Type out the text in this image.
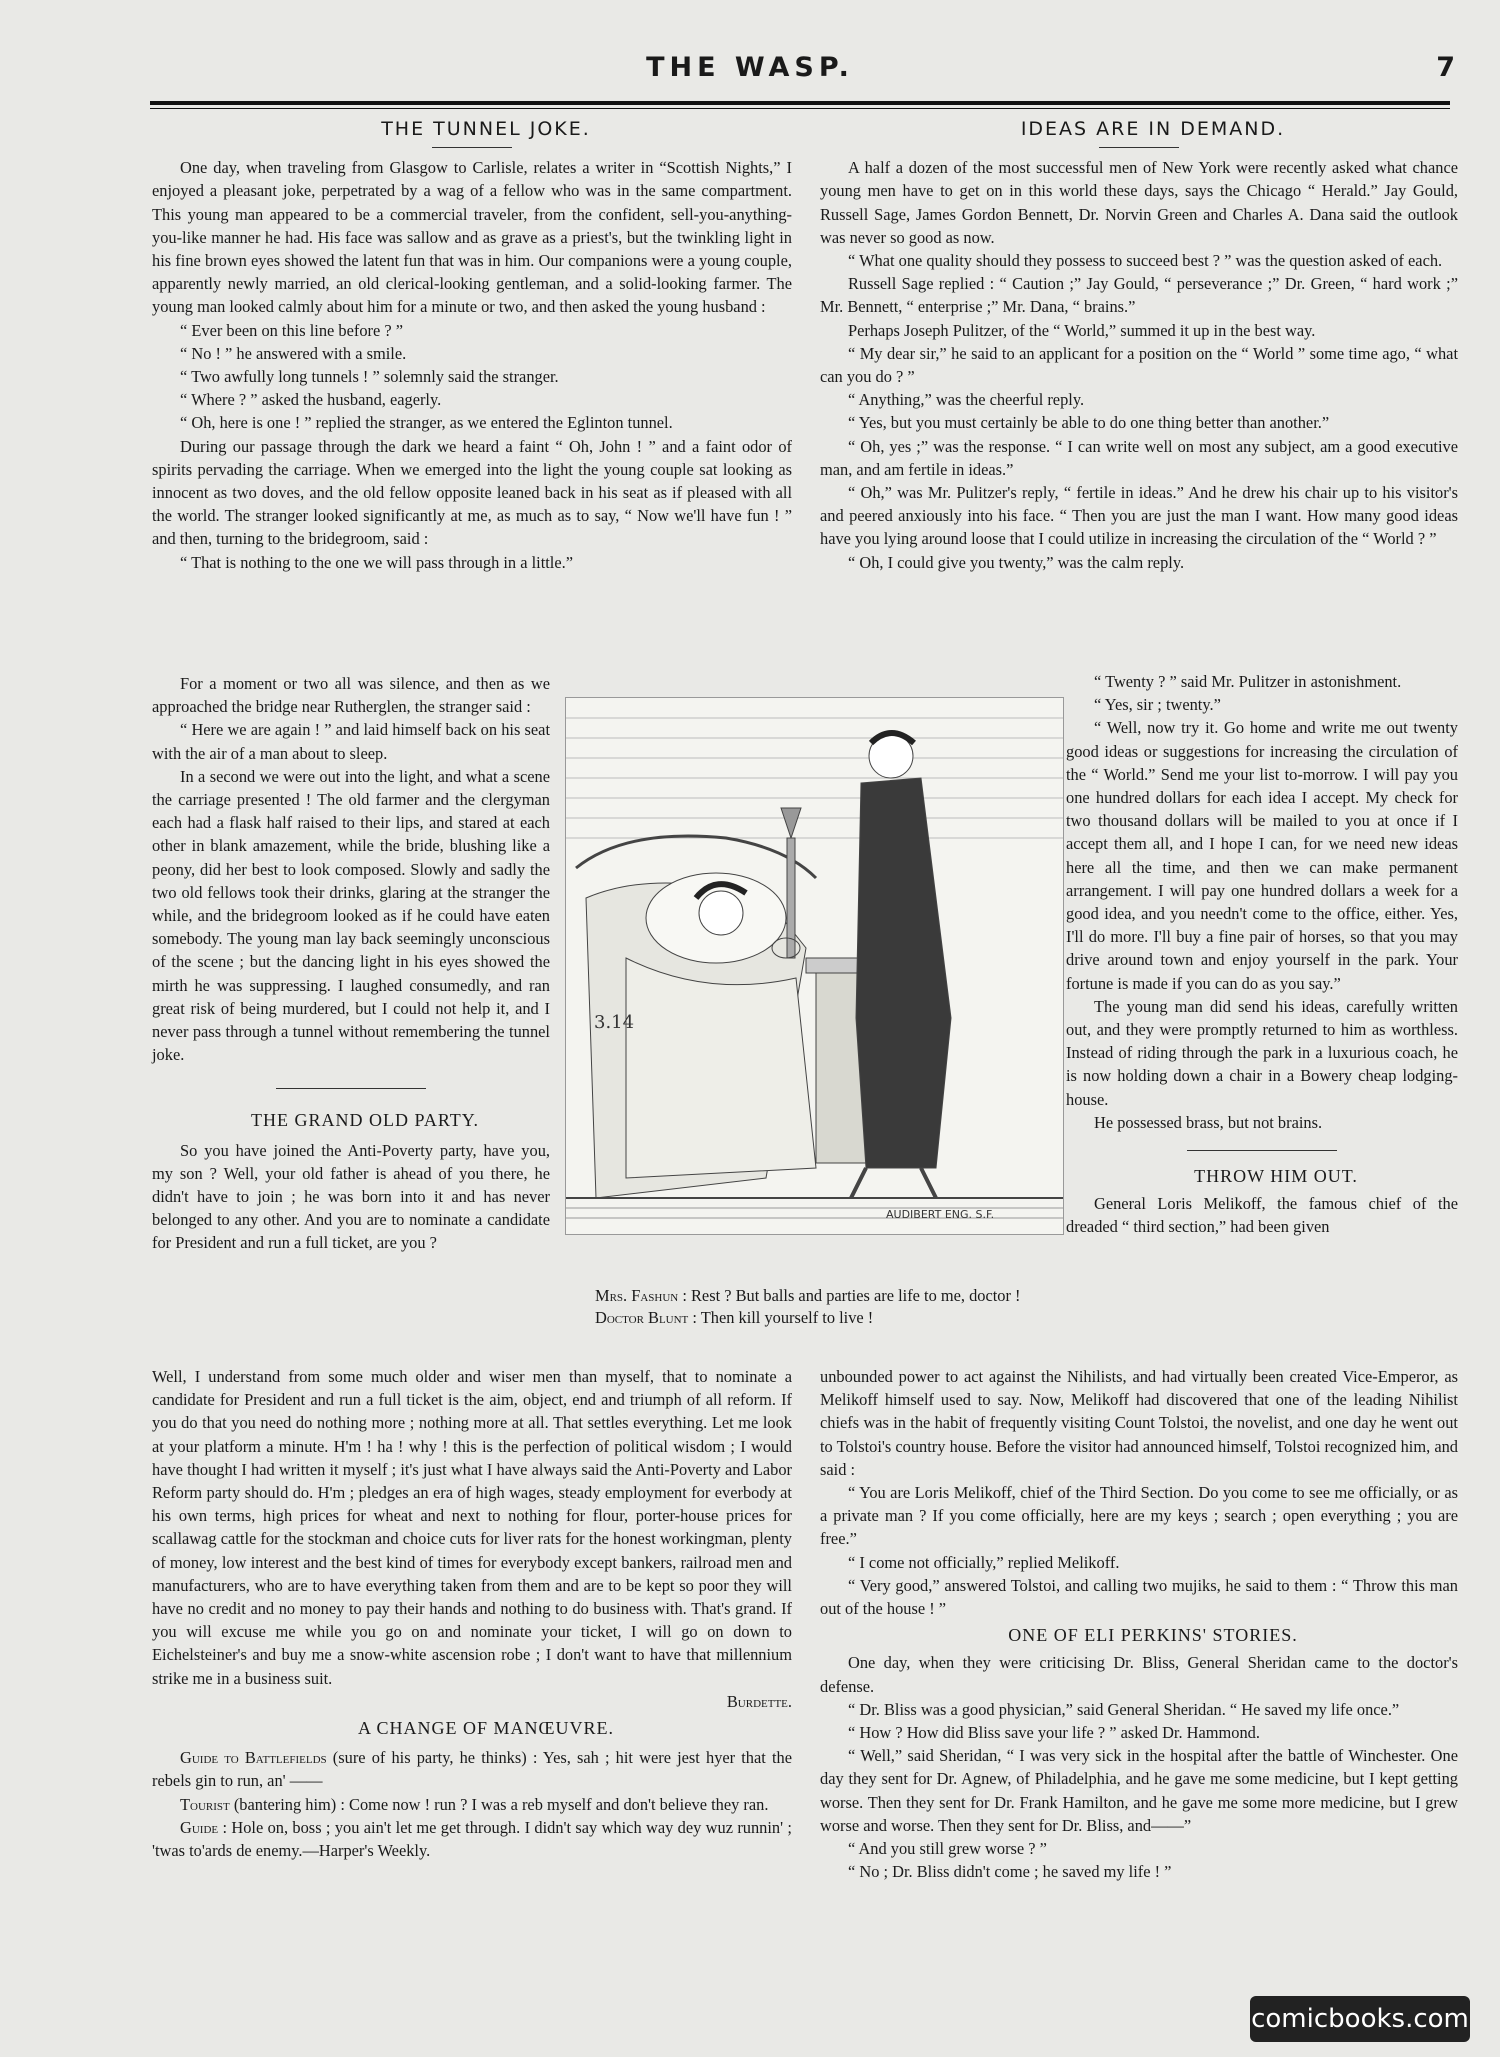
THE WASP.	7

THE TUNNEL JOKE.

One day, when traveling from Glasgow to Carlisle, relates a writer in “Scottish Nights,” I enjoyed a pleasant joke, perpetrated by a wag of a fellow who was in the same compartment. This young man appeared to be a commercial traveler, from the confident, sell-you-anything-you-like manner he had. His face was sallow and as grave as a priest's, but the twinkling light in his fine brown eyes showed the latent fun that was in him. Our companions were a young couple, apparently newly married, an old clerical-looking gentleman, and a solid-looking farmer. The young man looked calmly about him for a minute or two, and then asked the young husband :

“ Ever been on this line before ? ”

“ No ! ” he answered with a smile.

“ Two awfully long tunnels ! ” solemnly said the stranger.

“ Where ? ” asked the husband, eagerly.

“ Oh, here is one ! ” replied the stranger, as we entered the Eglinton tunnel.

During our passage through the dark we heard a faint “ Oh, John ! ” and a faint odor of spirits pervading the carriage. When we emerged into the light the young couple sat looking as innocent as two doves, and the old fellow opposite leaned back in his seat as if pleased with all the world. The stranger looked significantly at me, as much as to say, “ Now we'll have fun ! ” and then, turning to the bridegroom, said :

“ That is nothing to the one we will pass through in a little.”

For a moment or two all was silence, and then as we approached the bridge near Rutherglen, the stranger said :

“ Here we are again ! ” and laid himself back on his seat with the air of a man about to sleep.

In a second we were out into the light, and what a scene the carriage presented ! The old farmer and the clergyman each had a flask half raised to their lips, and stared at each other in blank amazement, while the bride, blushing like a peony, did her best to look composed. Slowly and sadly the two old fellows took their drinks, glaring at the stranger the while, and the bridegroom looked as if he could have eaten somebody. The young man lay back seemingly unconscious of the scene ; but the dancing light in his eyes showed the mirth he was suppressing. I laughed consumedly, and ran great risk of being murdered, but I could not help it, and I never pass through a tunnel without remembering the tunnel joke.

THE GRAND OLD PARTY.

So you have joined the Anti-Poverty party, have you, my son ? Well, your old father is ahead of you there, he didn't have to join ; he was born into it and has never belonged to any other. And you are to nominate a candidate for President and run a full ticket, are you ?

3.14
AUDIBERT ENG. S.F.
Mrs. Fashun : Rest ? But balls and parties are life to me, doctor !
Doctor Blunt : Then kill yourself to live !

Well, I understand from some much older and wiser men than myself, that to nominate a candidate for President and run a full ticket is the aim, object, end and triumph of all reform. If you do that you need do nothing more ; nothing more at all. That settles everything. Let me look at your platform a minute. H'm ! ha ! why ! this is the perfection of political wisdom ; I would have thought I had written it myself ; it's just what I have always said the Anti-Poverty and Labor Reform party should do. H'm ; pledges an era of high wages, steady employment for everbody at his own terms, high prices for wheat and next to nothing for flour, porter-house prices for scallawag cattle for the stockman and choice cuts for liver rats for the honest workingman, plenty of money, low interest and the best kind of times for everybody except bankers, railroad men and manufacturers, who are to have everything taken from them and are to be kept so poor they will have no credit and no money to pay their hands and nothing to do business with. That's grand. If you will excuse me while you go on and nominate your ticket, I will go on down to Eichelsteiner's and buy me a snow-white ascension robe ; I don't want to have that millennium strike me in a business suit.

Burdette.

A CHANGE OF MANŒUVRE.

Guide to Battlefields (sure of his party, he thinks) : Yes, sah ; hit were jest hyer that the rebels gin to run, an' ——

Tourist (bantering him) : Come now ! run ? I was a reb myself and don't believe they ran.

Guide : Hole on, boss ; you ain't let me get through. I didn't say which way dey wuz runnin' ; 'twas to'ards de enemy.—Harper's Weekly.

IDEAS ARE IN DEMAND.

A half a dozen of the most successful men of New York were recently asked what chance young men have to get on in this world these days, says the Chicago “ Herald.” Jay Gould, Russell Sage, James Gordon Bennett, Dr. Norvin Green and Charles A. Dana said the outlook was never so good as now.

“ What one quality should they possess to succeed best ? ” was the question asked of each.

Russell Sage replied : “ Caution ;” Jay Gould, “ perseverance ;” Dr. Green, “ hard work ;” Mr. Bennett, “ enterprise ;” Mr. Dana, “ brains.”

Perhaps Joseph Pulitzer, of the “ World,” summed it up in the best way.

“ My dear sir,” he said to an applicant for a position on the “ World ” some time ago, “ what can you do ? ”

“ Anything,” was the cheerful reply.

“ Yes, but you must certainly be able to do one thing better than another.”

“ Oh, yes ;” was the response. “ I can write well on most any subject, am a good executive man, and am fertile in ideas.”

“ Oh,” was Mr. Pulitzer's reply, “ fertile in ideas.” And he drew his chair up to his visitor's and peered anxiously into his face. “ Then you are just the man I want. How many good ideas have you lying around loose that I could utilize in increasing the circulation of the “ World ? ”

“ Oh, I could give you twenty,” was the calm reply.

“ Twenty ? ” said Mr. Pulitzer in astonishment.

“ Yes, sir ; twenty.”

“ Well, now try it. Go home and write me out twenty good ideas or suggestions for increasing the circulation of the “ World.” Send me your list to-morrow. I will pay you one hundred dollars for each idea I accept. My check for two thousand dollars will be mailed to you at once if I accept them all, and I hope I can, for we need new ideas here all the time, and then we can make permanent arrangement. I will pay one hundred dollars a week for a good idea, and you needn't come to the office, either. Yes, I'll do more. I'll buy a fine pair of horses, so that you may drive around town and enjoy yourself in the park. Your fortune is made if you can do as you say.”

The young man did send his ideas, carefully written out, and they were promptly returned to him as worthless. Instead of riding through the park in a luxurious coach, he is now holding down a chair in a Bowery cheap lodging-house.

He possessed brass, but not brains.

THROW HIM OUT.

General Loris Melikoff, the famous chief of the dreaded “ third section,” had been given

unbounded power to act against the Nihilists, and had virtually been created Vice-Emperor, as Melikoff himself used to say. Now, Melikoff had discovered that one of the leading Nihilist chiefs was in the habit of frequently visiting Count Tolstoi, the novelist, and one day he went out to Tolstoi's country house. Before the visitor had announced himself, Tolstoi recognized him, and said :

“ You are Loris Melikoff, chief of the Third Section. Do you come to see me officially, or as a private man ? If you come officially, here are my keys ; search ; open everything ; you are free.”

“ I come not officially,” replied Melikoff.

“ Very good,” answered Tolstoi, and calling two mujiks, he said to them : “ Throw this man out of the house ! ”

ONE OF ELI PERKINS' STORIES.

One day, when they were criticising Dr. Bliss, General Sheridan came to the doctor's defense.

“ Dr. Bliss was a good physician,” said General Sheridan. “ He saved my life once.”

“ How ? How did Bliss save your life ? ” asked Dr. Hammond.

“ Well,” said Sheridan, “ I was very sick in the hospital after the battle of Winchester. One day they sent for Dr. Agnew, of Philadelphia, and he gave me some medicine, but I kept getting worse. Then they sent for Dr. Frank Hamilton, and he gave me some more medicine, but I grew worse and worse. Then they sent for Dr. Bliss, and——”

“ And you still grew worse ? ”

“ No ; Dr. Bliss didn't come ; he saved my life ! ”

comicbooks.com
